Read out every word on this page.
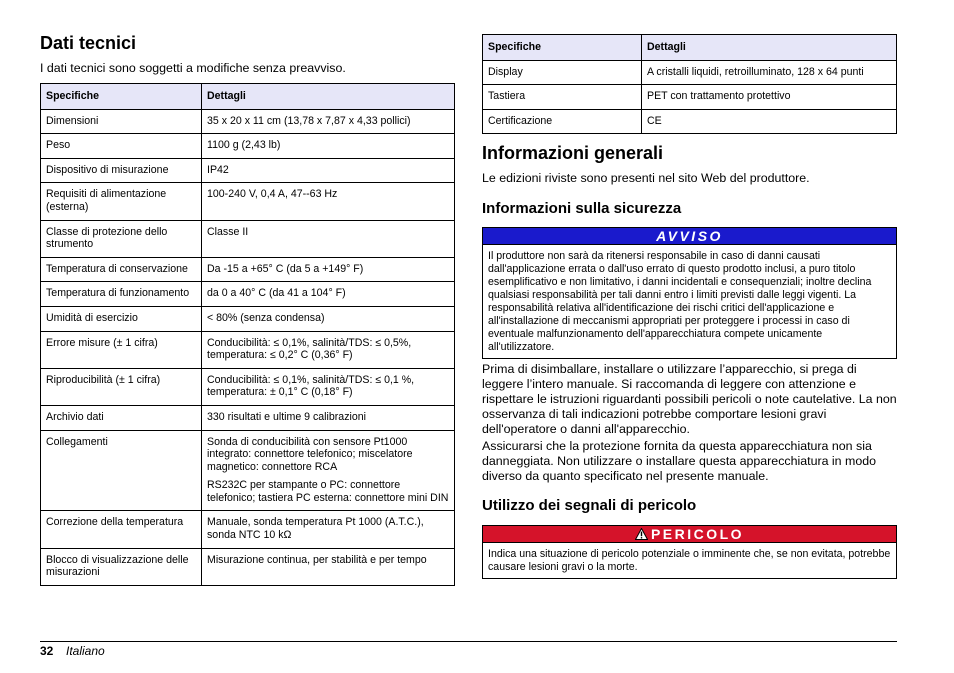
Dati tecnici

I dati tecnici sono soggetti a modifiche senza preavviso.

Specifiche	Dettagli
Dimensioni	35 x 20 x 11 cm (13,78 x 7,87 x 4,33 pollici)

Peso	1100 g (2,43 lb)

Dispositivo di misurazione	IP42

Requisiti di alimentazione (esterna)	100-240 V, 0,4 A, 47--63 Hz

Classe di protezione dello strumento	Classe II

Temperatura di conservazione	Da -15 a +65° C (da 5 a +149° F)

Temperatura di funzionamento	da 0 a 40° C (da 41 a 104° F)

Umidità di esercizio	< 80% (senza condensa)

Errore misure (± 1 cifra)	Conducibilità: ≤ 0,1%, salinità/TDS: ≤ 0,5%, temperatura: ≤ 0,2° C (0,36° F)

Riproducibilità (± 1 cifra)	Conducibilità: ≤ 0,1%, salinità/TDS: ≤ 0,1 %, temperatura: ± 0,1° C (0,18° F)

Archivio dati	330 risultati e ultime 9 calibrazioni

Collegamenti	Sonda di conducibilità con sensore Pt1000 integrato: connettore telefonico; miscelatore magnetico: connettore RCA
RS232C per stampante o PC: connettore telefonico; tastiera PC esterna: connettore mini DIN

Correzione della temperatura	Manuale, sonda temperatura Pt 1000 (A.T.C.), sonda NTC 10 kΩ

Blocco di visualizzazione delle misurazioni	Misurazione continua, per stabilità e per tempo
Specifiche	Dettagli
Display	A cristalli liquidi, retroilluminato, 128 x 64 punti

Tastiera	PET con trattamento protettivo

Certificazione	CE
Informazioni generali

Le edizioni riviste sono presenti nel sito Web del produttore.

Informazioni sulla sicurezza
AVVISO
Il produttore non sarà da ritenersi responsabile in caso di danni causati dall'applicazione errata o dall'uso errato di questo prodotto inclusi, a puro titolo esemplificativo e non limitativo, i danni incidentali e consequenziali; inoltre declina qualsiasi responsabilità per tali danni entro i limiti previsti dalle leggi vigenti. La responsabilità relativa all'identificazione dei rischi critici dell'applicazione e all'installazione di meccanismi appropriati per proteggere i processi in caso di eventuale malfunzionamento dell'apparecchiatura compete unicamente all'utilizzatore.

Prima di disimballare, installare o utilizzare l’apparecchio, si prega di leggere l’intero manuale. Si raccomanda di leggere con attenzione e rispettare le istruzioni riguardanti possibili pericoli o note cautelative. La non osservanza di tali indicazioni potrebbe comportare lesioni gravi dell'operatore o danni all'apparecchio.

Assicurarsi che la protezione fornita da questa apparecchiatura non sia danneggiata. Non utilizzare o installare questa apparecchiatura in modo diverso da quanto specificato nel presente manuale.

Utilizzo dei segnali di pericolo
PERICOLO
Indica una situazione di pericolo potenziale o imminente che, se non evitata, potrebbe causare lesioni gravi o la morte.
32 Italiano
